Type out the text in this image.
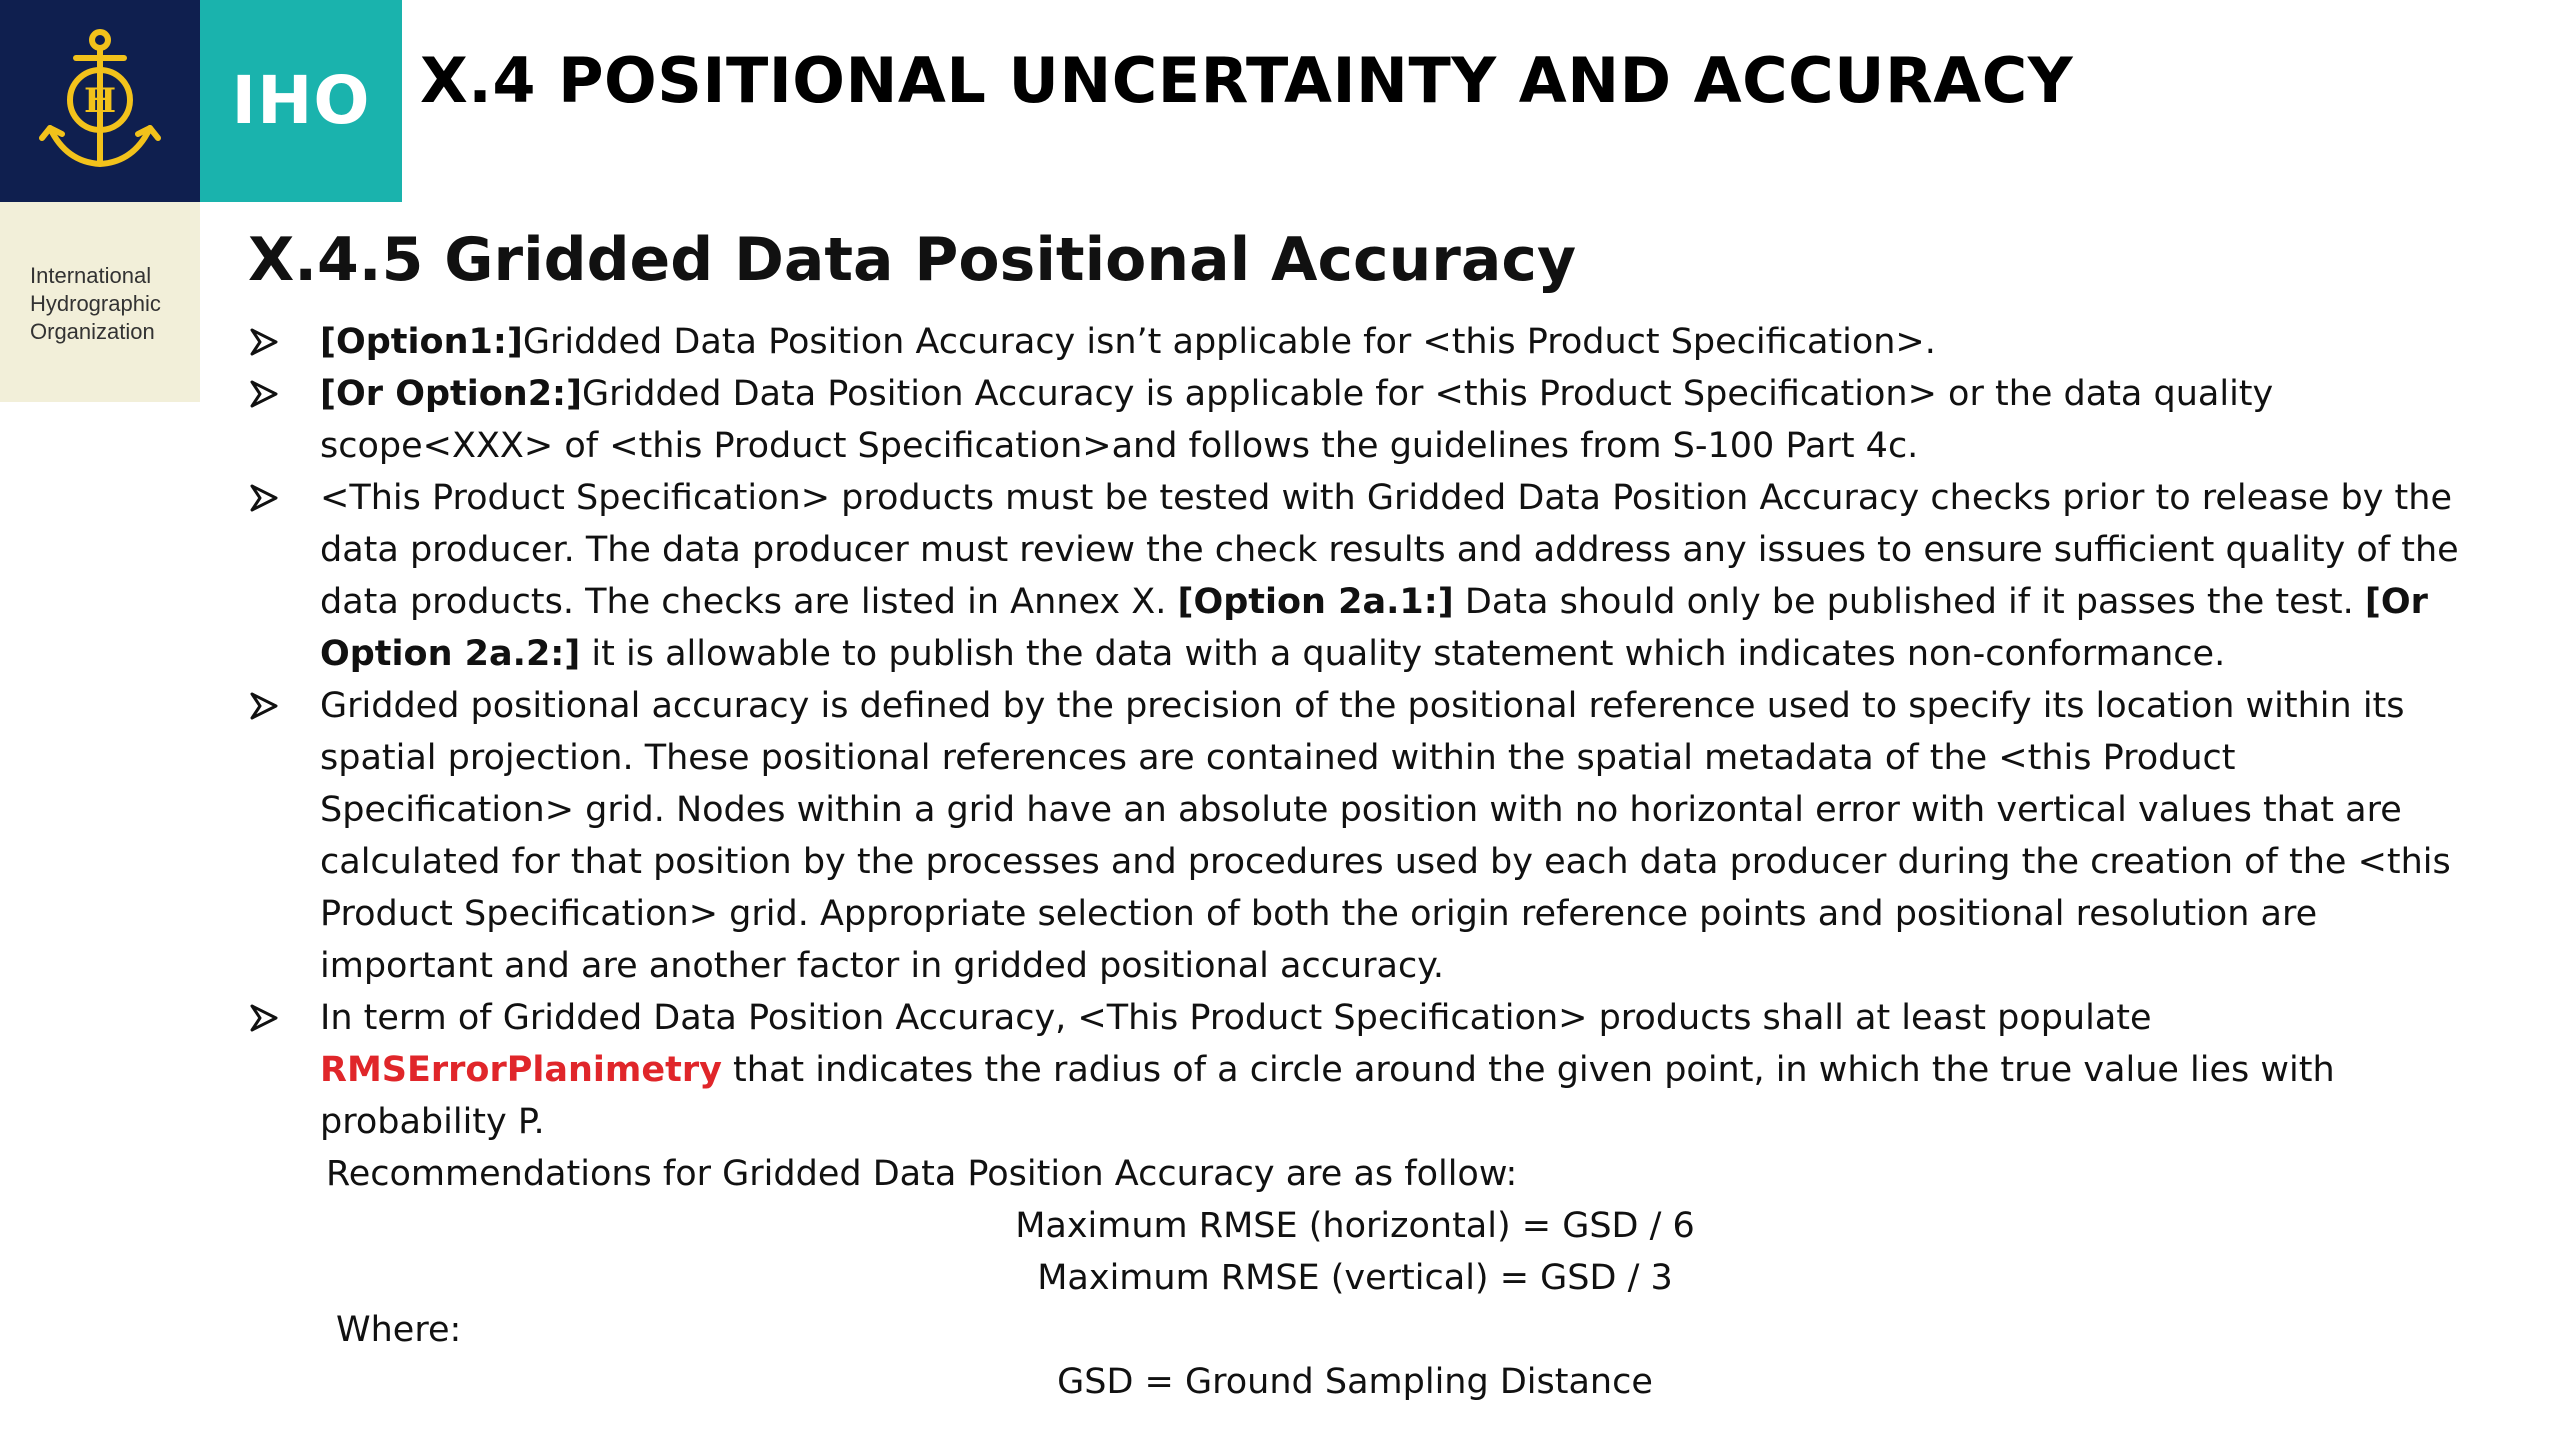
H	IHO
International
Hydrographic
Organization
X.4 POSITIONAL UNCERTAINTY AND ACCURACY
X.4.5 Gridded Data Positional Accuracy
[Option1:]Gridded Data Position Accuracy isn’t applicable for <this Product Specification>.
[Or Option2:]Gridded Data Position Accuracy is applicable for <this Product Specification> or the data quality scope<XXX> of <this Product Specification>and follows the guidelines from S-100 Part 4c.
<This Product Specification> products must be tested with Gridded Data Position Accuracy checks prior to release by the data producer. The data producer must review the check results and address any issues to ensure sufficient quality of the data products. The checks are listed in Annex X. [Option 2a.1:] Data should only be published if it passes the test. [Or Option 2a.2:] it is allowable to publish the data with a quality statement which indicates non-conformance.
Gridded positional accuracy is defined by the precision of the positional reference used to specify its location within its spatial projection. These positional references are contained within the spatial metadata of the <this Product Specification> grid. Nodes within a grid have an absolute position with no horizontal error with vertical values that are calculated for that position by the processes and procedures used by each data producer during the creation of the <this Product Specification> grid. Appropriate selection of both the origin reference points and positional resolution are important and are another factor in gridded positional accuracy.
In term of Gridded Data Position Accuracy, <This Product Specification> products shall at least populate RMSErrorPlanimetry that indicates the radius of a circle around the given point, in which the true value lies with probability P.
Recommendations for Gridded Data Position Accuracy are as follow:
Maximum RMSE (horizontal) = GSD / 6
Maximum RMSE (vertical) = GSD / 3
Where:
GSD = Ground Sampling Distance
